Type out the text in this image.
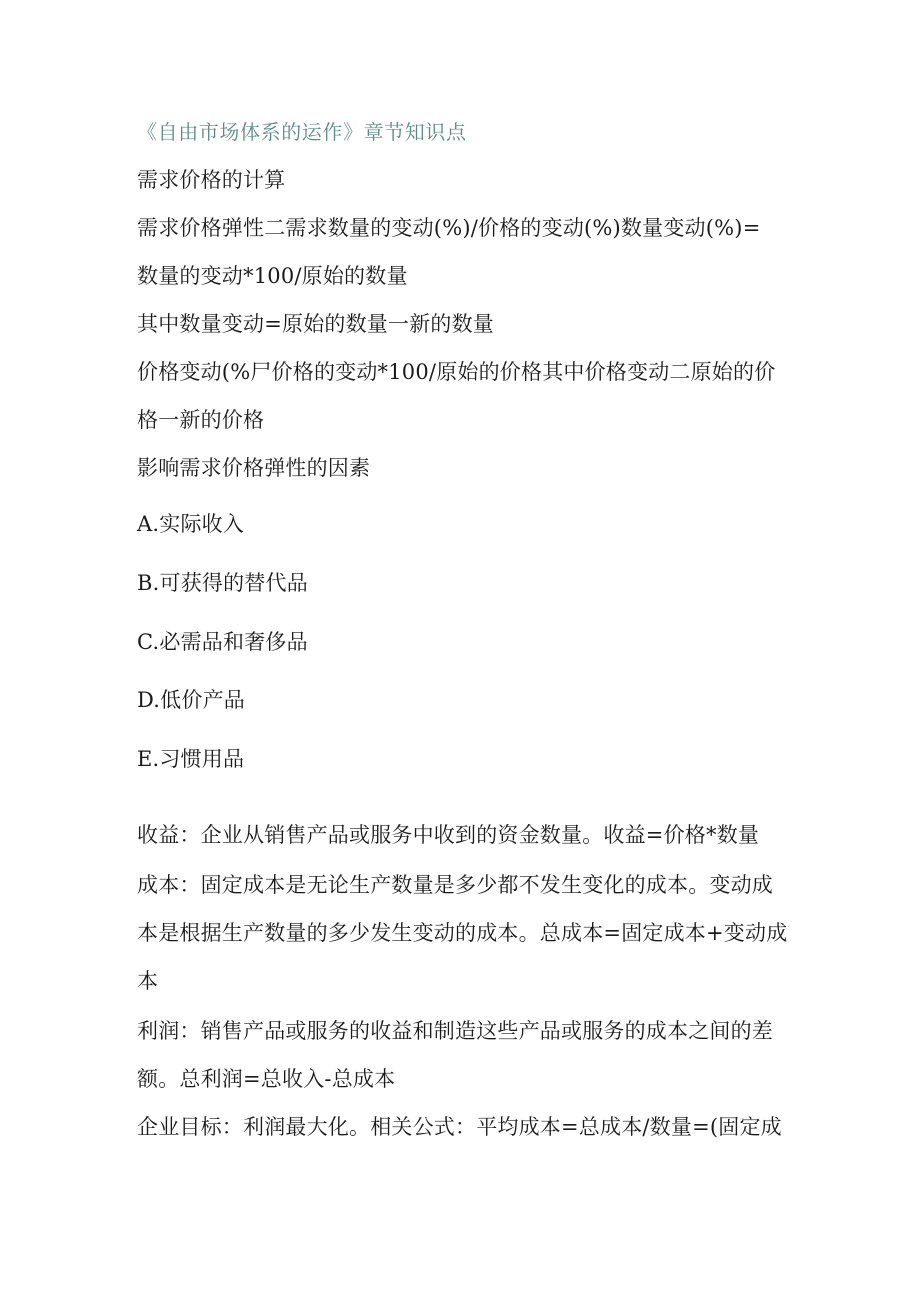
《自由市场体系的运作》章节知识点
需求价格的计算
需求价格弹性二需求数量的变动(%)/价格的变动(%)数量变动(%)=
数量的变动*100/原始的数量
其中数量变动=原始的数量一新的数量
价格变动(%尸价格的变动*100/原始的价格其中价格变动二原始的价
格一新的价格
影响需求价格弹性的因素
A.实际收入
B.可获得的替代品
C.必需品和奢侈品
D.低价产品
E.习惯用品
收益：企业从销售产品或服务中收到的资金数量。收益=价格*数量
成本：固定成本是无论生产数量是多少都不发生变化的成本。变动成
本是根据生产数量的多少发生变动的成本。总成本=固定成本+变动成
本
利润：销售产品或服务的收益和制造这些产品或服务的成本之间的差
额。总利润=总收入-总成本
企业目标：利润最大化。相关公式：平均成本=总成本/数量=(固定成
